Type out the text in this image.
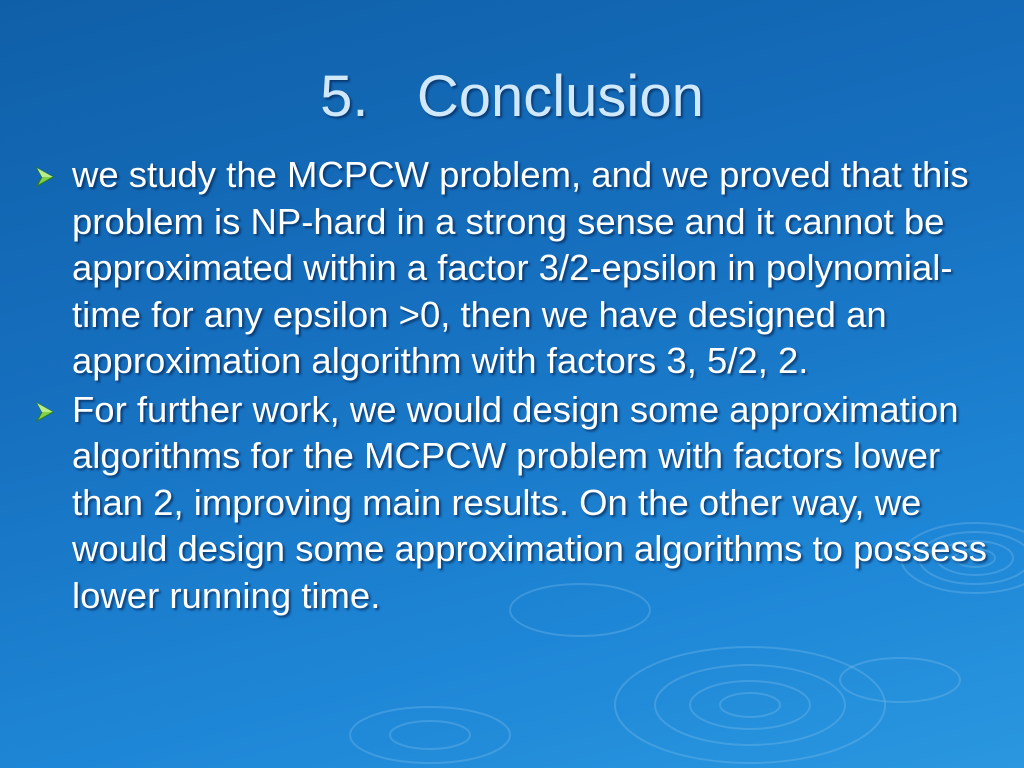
5.   Conclusion
we study the MCPCW problem, and we proved that this problem is NP-hard in a strong sense and it cannot be approximated within a factor 3/2-epsilon in polynomial-time for any epsilon >0, then we have designed an approximation algorithm with factors 3, 5/2, 2.
For further work, we would design some approximation algorithms for the MCPCW problem with factors lower than 2, improving main results. On the other way, we would design some approximation algorithms to possess lower running time.
